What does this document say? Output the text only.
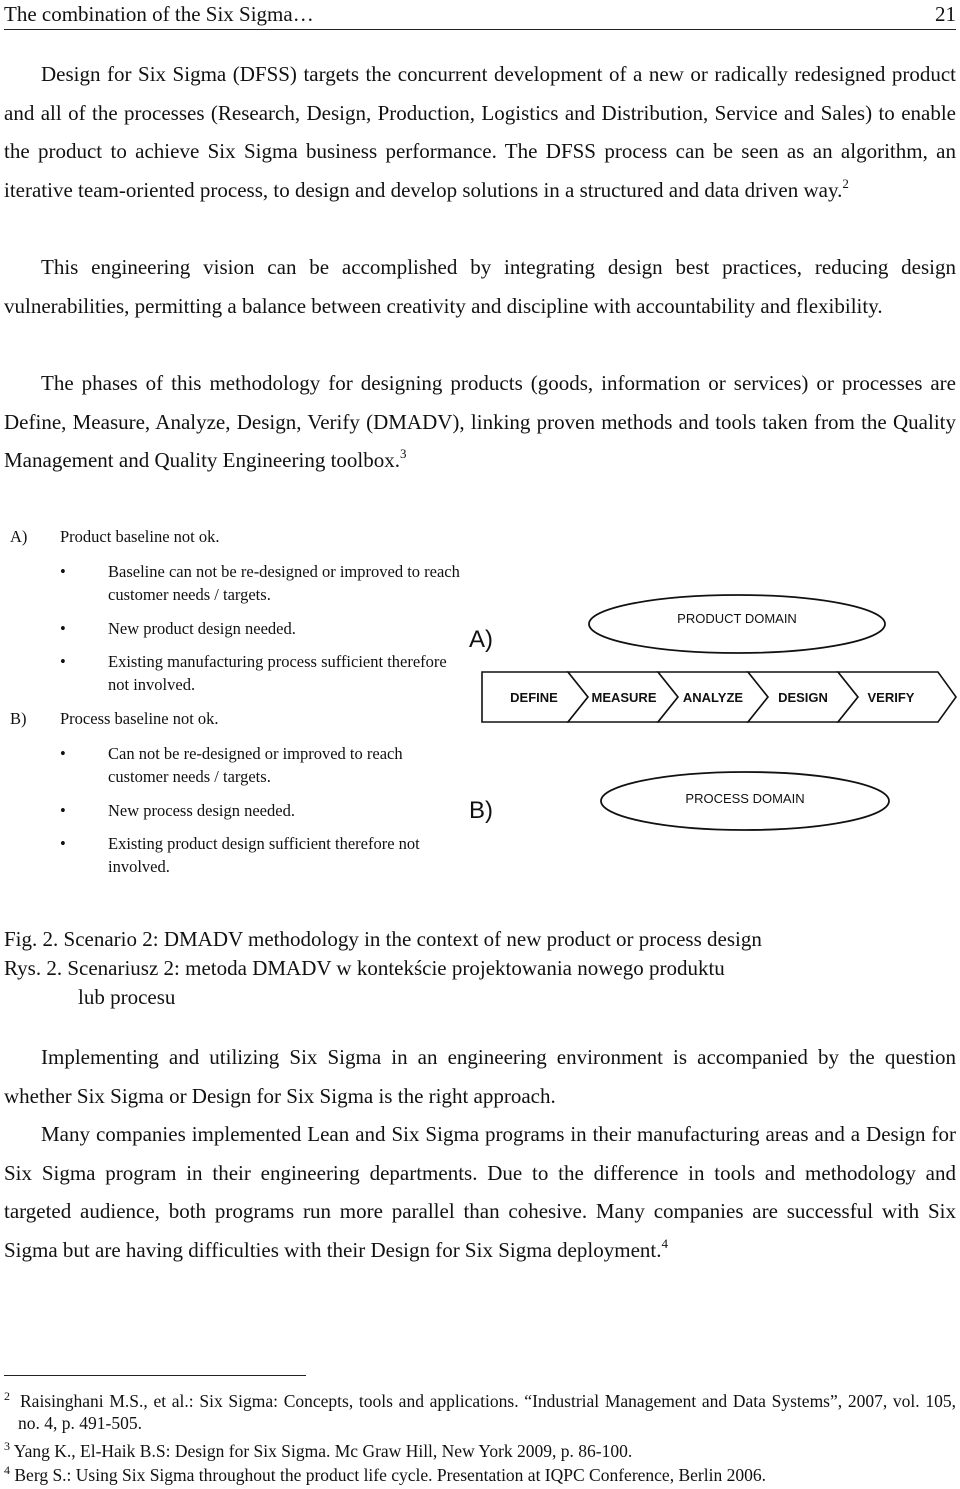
The combination of the Six Sigma…	21

Design for Six Sigma (DFSS) targets the concurrent development of a new or radically redesigned product and all of the processes (Research, Design, Production, Logistics and Distribution, Service and Sales) to enable the product to achieve Six Sigma business performance. The DFSS process can be seen as an algorithm, an iterative team-oriented process, to design and develop solutions in a structured and data driven way.$^2$

This engineering vision can be accomplished by integrating design best practices, reducing design vulnerabilities, permitting a balance between creativity and discipline with accountability and flexibility.

The phases of this methodology for designing products (goods, information or services) or processes are Define, Measure, Analyze, Design, Verify (DMADV), linking proven methods and tools taken from the Quality Management and Quality Engineering toolbox.$^3$

A) Product baseline not ok.
•	Baseline can not be re-designed or improved to reach customer needs / targets.
•	New product design needed.
•	Existing manufacturing process sufficient therefore not involved.
B) Process baseline not ok.
•	Can not be re-designed or improved to reach customer needs / targets.
•	New process design needed.
•	Existing product design sufficient therefore not involved.
A)
B)
PRODUCT DOMAIN
PROCESS DOMAIN
DEFINE	MEASURE ANALYZE	DESIGN	VERIFY

Fig. 2. Scenario 2: DMADV methodology in the context of new product or process design

Rys. 2. Scenariusz 2: metoda DMADV w kontekście projektowania nowego produktu

lub procesu

Implementing and utilizing Six Sigma in an engineering environment is accompanied by the question whether Six Sigma or Design for Six Sigma is the right approach.

Many companies implemented Lean and Six Sigma programs in their manufacturing areas and a Design for Six Sigma program in their engineering departments. Due to the difference in tools and methodology and targeted audience, both programs run more parallel than cohesive. Many companies are successful with Six Sigma but are having difficulties with their Design for Six Sigma deployment.$^4$

$^2$ Raisinghani M.S., et al.: Six Sigma: Concepts, tools and applications. “Industrial Management and Data Systems”, 2007, vol. 105, no. 4, p. 491-505.

$^3$ Yang K., El-Haik B.S: Design for Six Sigma. Mc Graw Hill, New York 2009, p. 86-100.

$^4$ Berg S.: Using Six Sigma throughout the product life cycle. Presentation at IQPC Conference, Berlin 2006.
